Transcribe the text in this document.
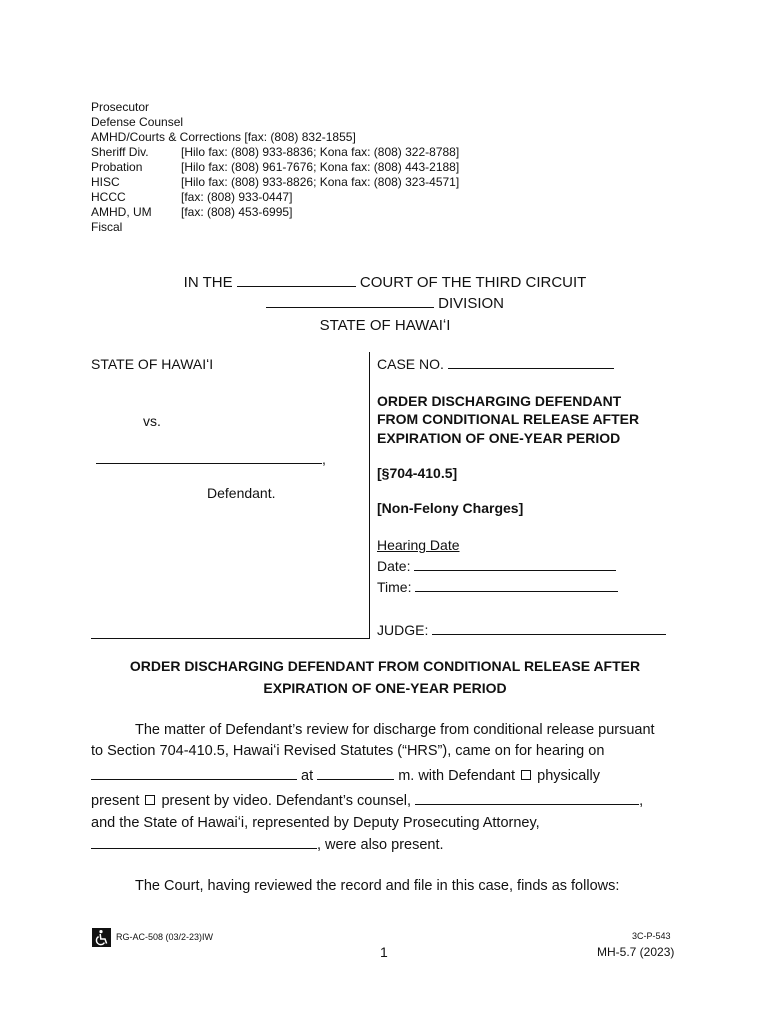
Prosecutor
Defense Counsel
AMHD/Courts & Corrections [fax: (808) 832-1855]
Sheriff Div.	[Hilo fax: (808) 933-8836; Kona fax: (808) 322-8788]
Probation	[Hilo fax: (808) 961-7676; Kona fax: (808) 443-2188]
HISC	[Hilo fax: (808) 933-8826; Kona fax: (808) 323-4571]
HCCC	[fax: (808) 933-0447]
AMHD, UM	[fax: (808) 453-6995]
Fiscal
IN THE	COURT OF THE THIRD CIRCUIT
DIVISION
STATE OF HAWAIʻI
STATE OF HAWAIʻI
vs.
,
Defendant.
CASE NO.
ORDER DISCHARGING DEFENDANT
FROM CONDITIONAL RELEASE AFTER
EXPIRATION OF ONE-YEAR PERIOD
[§704-410.5]
[Non-Felony Charges]
Hearing Date
Date:
Time:
JUDGE:
ORDER DISCHARGING DEFENDANT FROM CONDITIONAL RELEASE AFTER
EXPIRATION OF ONE-YEAR PERIOD
The matter of Defendant’s review for discharge from conditional release pursuant
to Section 704-410.5, Hawaiʻi Revised Statutes (“HRS”), came on for hearing on
at	m. with Defendant physically
present present by video. Defendant’s counsel,	,
and the State of Hawaiʻi, represented by Deputy Prosecuting Attorney,
, were also present.
The Court, having reviewed the record and file in this case, finds as follows:
RG-AC-508 (03/2-23)IW
1
3C-P-543
MH-5.7 (2023)
